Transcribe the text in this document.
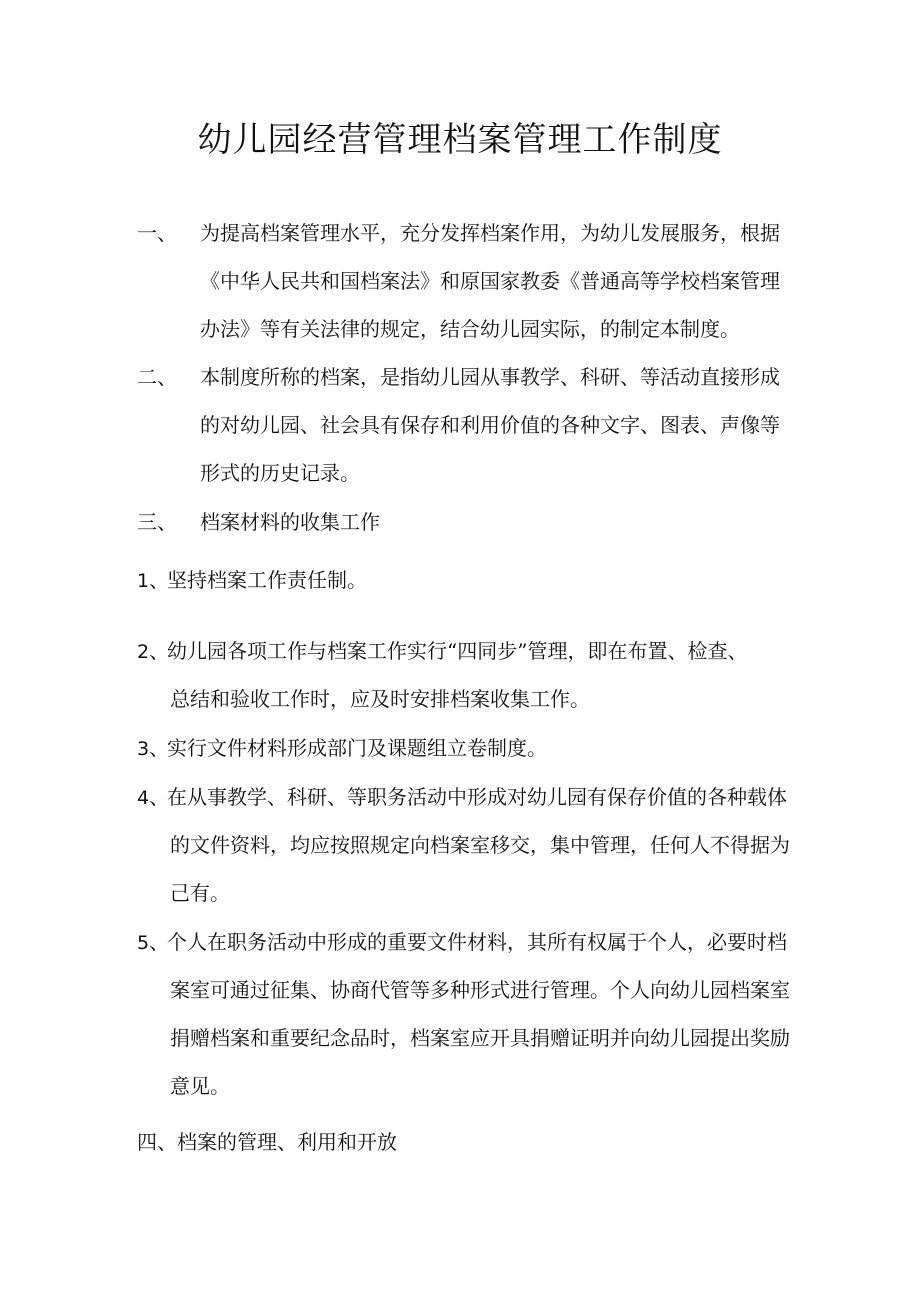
幼儿园经营管理档案管理工作制度
一、 为提高档案管理水平，充分发挥档案作用，为幼儿发展服务，根据

《中华人民共和国档案法》和原国家教委《普通高等学校档案管理

办法》等有关法律的规定，结合幼儿园实际，的制定本制度。

二、 本制度所称的档案，是指幼儿园从事教学、科研、等活动直接形成

的对幼儿园、社会具有保存和利用价值的各种文字、图表、声像等

形式的历史记录。

三、 档案材料的收集工作

1、

坚持档案工作责任制。

2、

幼儿园各项工作与档案工作实行“四同步”管理，即在布置、检查、

总结和验收工作时，应及时安排档案收集工作。

3、

实行文件材料形成部门及课题组立卷制度。

4、

在从事教学、科研、等职务活动中形成对幼儿园有保存价值的各种载体

的文件资料，均应按照规定向档案室移交，集中管理，任何人不得据为

己有。

5、

个人在职务活动中形成的重要文件材料，其所有权属于个人，必要时档

案室可通过征集、协商代管等多种形式进行管理。个人向幼儿园档案室

捐赠档案和重要纪念品时，档案室应开具捐赠证明并向幼儿园提出奖励

意见。

四、档案的管理、利用和开放
